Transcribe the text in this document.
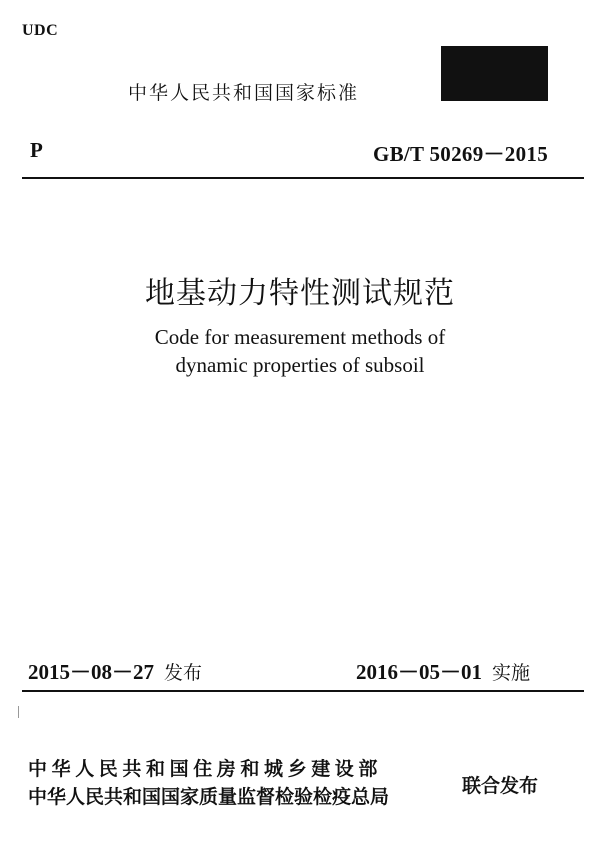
UDC
中华人民共和国国家标准
P	GB/T 50269－2015
地基动力特性测试规范
Code for measurement methods of
dynamic properties of subsoil
2015－08－27 发布	2016－05－01 实施
中华人民共和国住房和城乡建设部
中华人民共和国国家质量监督检验检疫总局	联合发布
